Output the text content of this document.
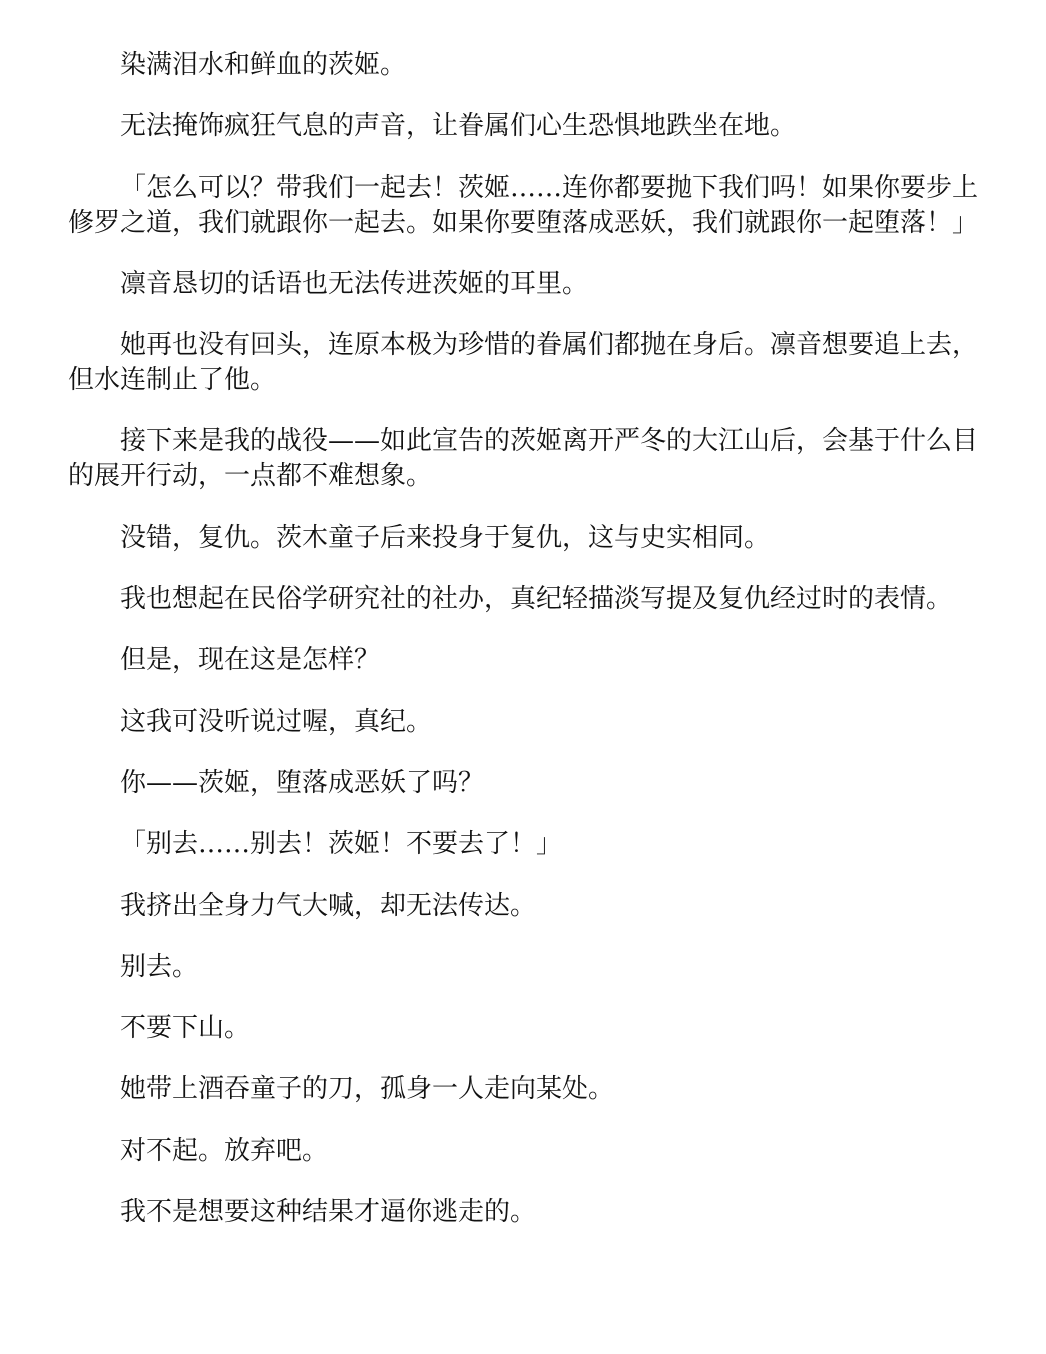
染满泪水和鲜血的茨姬。

无法掩饰疯狂气息的声音，让眷属们心生恐惧地跌坐在地。

「怎么可以？带我们一起去！茨姬……连你都要抛下我们吗！如果你要步上修罗之道，我们就跟你一起去。如果你要堕落成恶妖，我们就跟你一起堕落！」

凛音恳切的话语也无法传进茨姬的耳里。

她再也没有回头，连原本极为珍惜的眷属们都抛在身后。凛音想要追上去，但水连制止了他。

接下来是我的战役——如此宣告的茨姬离开严冬的大江山后，会基于什么目的展开行动，一点都不难想象。

没错，复仇。茨木童子后来投身于复仇，这与史实相同。

我也想起在民俗学研究社的社办，真纪轻描淡写提及复仇经过时的表情。

但是，现在这是怎样？

这我可没听说过喔，真纪。

你——茨姬，堕落成恶妖了吗？

「别去……别去！茨姬！不要去了！」

我挤出全身力气大喊，却无法传达。

别去。

不要下山。

她带上酒吞童子的刀，孤身一人走向某处。

对不起。放弃吧。

我不是想要这种结果才逼你逃走的。
